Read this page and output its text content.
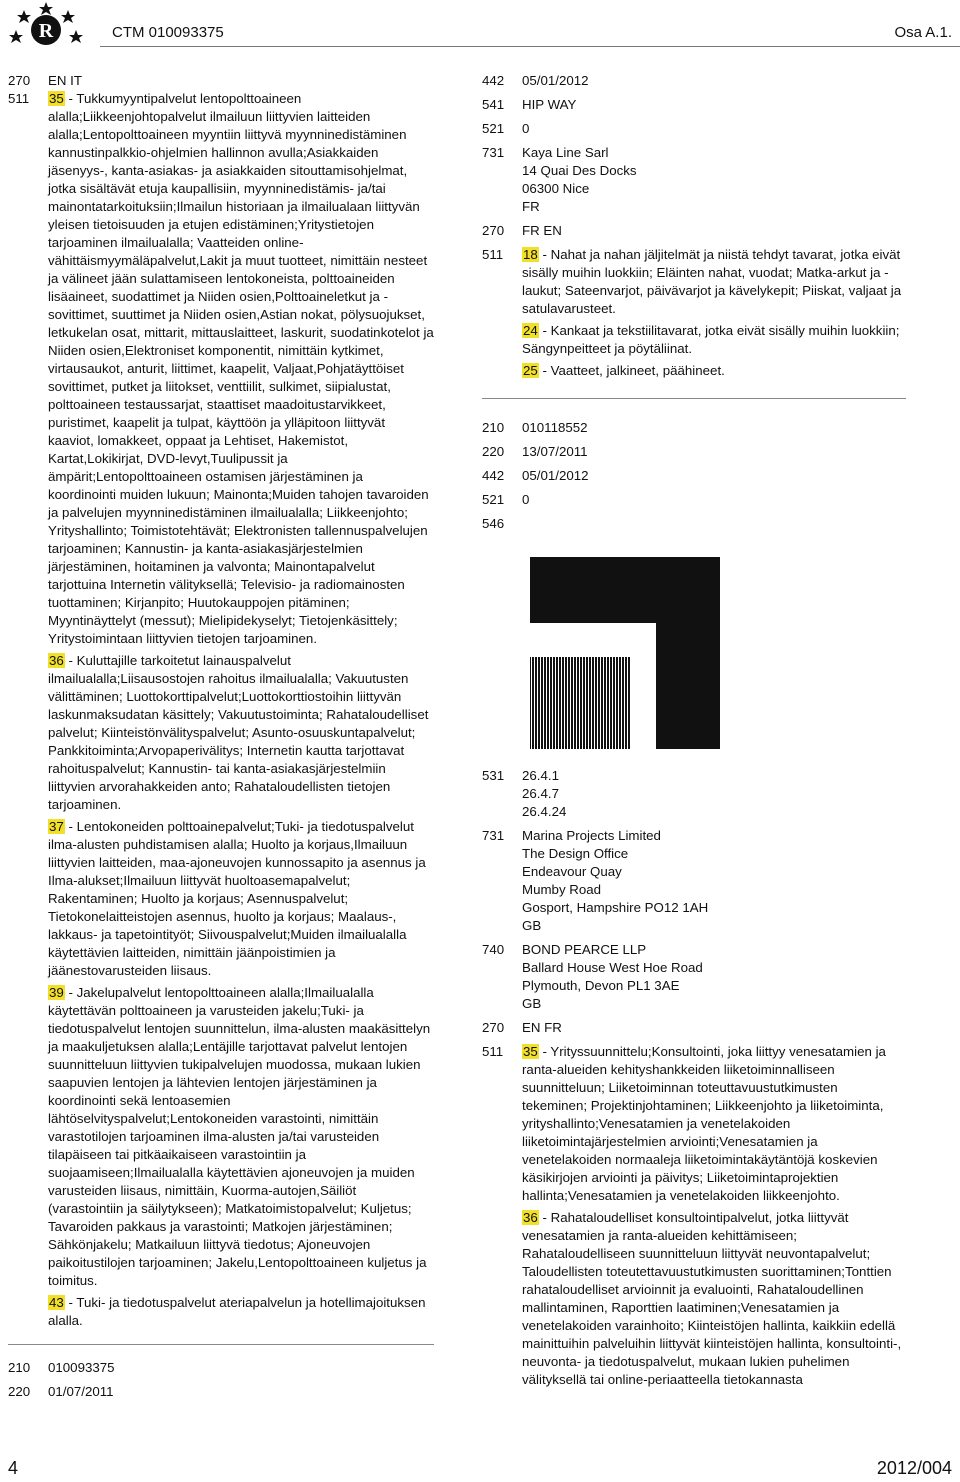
R	CTM 010093375	Osa A.1.
270	EN IT
511	35 - Tukkumyyntipalvelut lentopolttoaineen alalla;Liikkeenjohtopalvelut ilmailuun liittyvien laitteiden alalla;Lentopolttoaineen myyntiin liittyvä myynninedistäminen kannustinpalkkio-ohjelmien hallinnon avulla;Asiakkaiden jäsenyys-, kanta-asiakas- ja asiakkaiden sitouttamisohjelmat, jotka sisältävät etuja kaupallisiin, myynninedistämis- ja/tai mainontatarkoituksiin;Ilmailun historiaan ja ilmailualaan liittyvän yleisen tietoisuuden ja etujen edistäminen;Yritystietojen tarjoaminen ilmailualalla; Vaatteiden online-vähittäismyymäläpalvelut,Lakit ja muut tuotteet, nimittäin nesteet ja välineet jään sulattamiseen lentokoneista, polttoaineiden lisäaineet, suodattimet ja Niiden osien,Polttoaineletkut ja -sovittimet, suuttimet ja Niiden osien,Astian nokat, pölysuojukset, letkukelan osat, mittarit, mittauslaitteet, laskurit, suodatinkotelot ja Niiden osien,Elektroniset komponentit, nimittäin kytkimet, virtausaukot, anturit, liittimet, kaapelit, Valjaat,Pohjatäyttöiset sovittimet, putket ja liitokset, venttiilit, sulkimet, siipialustat, polttoaineen testaussarjat, staattiset maadoitustarvikkeet, puristimet, kaapelit ja tulpat, käyttöön ja ylläpitoon liittyvät kaaviot, lomakkeet, oppaat ja Lehtiset, Hakemistot, Kartat,Lokikirjat, DVD-levyt,Tuulipussit ja ämpärit;Lentopolttoaineen ostamisen järjestäminen ja koordinointi muiden lukuun; Mainonta;Muiden tahojen tavaroiden ja palvelujen myynninedistäminen ilmailualalla; Liikkeenjohto; Yrityshallinto; Toimistotehtävät; Elektronisten tallennuspalvelujen tarjoaminen; Kannustin- ja kanta-asiakasjärjestelmien järjestäminen, hoitaminen ja valvonta; Mainontapalvelut tarjottuina Internetin välityksellä; Televisio- ja radiomainosten tuottaminen; Kirjanpito; Huutokauppojen pitäminen; Myyntinäyttelyt (messut); Mielipidekyselyt; Tietojenkäsittely; Yritystoimintaan liittyvien tietojen tarjoaminen.
36 - Kuluttajille tarkoitetut lainauspalvelut ilmailualalla;Liisausostojen rahoitus ilmailualalla; Vakuutusten välittäminen; Luottokorttipalvelut;Luottokorttiostoihin liittyvän laskunmaksudatan käsittely; Vakuutustoiminta; Rahataloudelliset palvelut; Kiinteistönvälityspalvelut; Asunto-osuuskuntapalvelut; Pankkitoiminta;Arvopaperivälitys; Internetin kautta tarjottavat rahoituspalvelut; Kannustin- tai kanta-asiakasjärjestelmiin liittyvien arvorahakkeiden anto; Rahataloudellisten tietojen tarjoaminen.
37 - Lentokoneiden polttoainepalvelut;Tuki- ja tiedotuspalvelut ilma-alusten puhdistamisen alalla; Huolto ja korjaus,Ilmailuun liittyvien laitteiden, maa-ajoneuvojen kunnossapito ja asennus ja Ilma-alukset;Ilmailuun liittyvät huoltoasemapalvelut; Rakentaminen; Huolto ja korjaus; Asennuspalvelut; Tietokonelaitteistojen asennus, huolto ja korjaus; Maalaus-, lakkaus- ja tapetointityöt; Siivouspalvelut;Muiden ilmailualalla käytettävien laitteiden, nimittäin jäänpoistimien ja jäänestovarusteiden liisaus.
39 - Jakelupalvelut lentopolttoaineen alalla;Ilmailualalla käytettävän polttoaineen ja varusteiden jakelu;Tuki- ja tiedotuspalvelut lentojen suunnittelun, ilma-alusten maakäsittelyn ja maakuljetuksen alalla;Lentäjille tarjottavat palvelut lentojen suunnitteluun liittyvien tukipalvelujen muodossa, mukaan lukien saapuvien lentojen ja lähtevien lentojen järjestäminen ja koordinointi sekä lentoasemien lähtöselvityspalvelut;Lentokoneiden varastointi, nimittäin varastotilojen tarjoaminen ilma-alusten ja/tai varusteiden tilapäiseen tai pitkäaikaiseen varastointiin ja suojaamiseen;Ilmailualalla käytettävien ajoneuvojen ja muiden varusteiden liisaus, nimittäin, Kuorma-autojen,Säiliöt (varastointiin ja säilytykseen); Matkatoimistopalvelut; Kuljetus; Tavaroiden pakkaus ja varastointi; Matkojen järjestäminen; Sähkönjakelu; Matkailuun liittyvä tiedotus; Ajoneuvojen paikoitustilojen tarjoaminen; Jakelu,Lentopolttoaineen kuljetus ja toimitus.
43 - Tuki- ja tiedotuspalvelut ateriapalvelun ja hotellimajoituksen alalla.
210	010093375
220	01/07/2011
442	05/01/2012
541	HIP WAY
521	0
731	Kaya Line Sarl
14 Quai Des Docks
06300 Nice
FR
270	FR EN
511	18 - Nahat ja nahan jäljitelmät ja niistä tehdyt tavarat, jotka eivät sisälly muihin luokkiin; Eläinten nahat, vuodat; Matka-arkut ja -laukut; Sateenvarjot, päivävarjot ja kävelykepit; Piiskat, valjaat ja satulavarusteet.
24 - Kankaat ja tekstiilitavarat, jotka eivät sisälly muihin luokkiin; Sängynpeitteet ja pöytäliinat.
25 - Vaatteet, jalkineet, päähineet.
210	010118552
220	13/07/2011
442	05/01/2012
521	0
546
531	26.4.1
26.4.7
26.4.24
731	Marina Projects Limited
The Design Office
Endeavour Quay
Mumby Road
Gosport, Hampshire PO12 1AH
GB
740	BOND PEARCE LLP
Ballard House West Hoe Road
Plymouth, Devon PL1 3AE
GB
270	EN FR
511	35 - Yrityssuunnittelu;Konsultointi, joka liittyy venesatamien ja ranta-alueiden kehityshankkeiden liiketoiminnalliseen suunnitteluun; Liiketoiminnan toteuttavuustutkimusten tekeminen; Projektinjohtaminen; Liikkeenjohto ja liiketoiminta, yrityshallinto;Venesatamien ja venetelakoiden liiketoimintajärjestelmien arviointi;Venesatamien ja venetelakoiden normaaleja liiketoimintakäytäntöjä koskevien käsikirjojen arviointi ja päivitys; Liiketoimintaprojektien hallinta;Venesatamien ja venetelakoiden liikkeenjohto.
36 - Rahataloudelliset konsultointipalvelut, jotka liittyvät venesatamien ja ranta-alueiden kehittämiseen; Rahataloudelliseen suunnitteluun liittyvät neuvontapalvelut; Taloudellisten toteutettavuustutkimusten suorittaminen;Tonttien rahataloudelliset arvioinnit ja evaluointi, Rahataloudellinen mallintaminen, Raporttien laatiminen;Venesatamien ja venetelakoiden varainhoito; Kiinteistöjen hallinta, kaikkiin edellä mainittuihin palveluihin liittyvät kiinteistöjen hallinta, konsultointi-, neuvonta- ja tiedotuspalvelut, mukaan lukien puhelimen välityksellä tai online-periaatteella tietokannasta
4	2012/004
